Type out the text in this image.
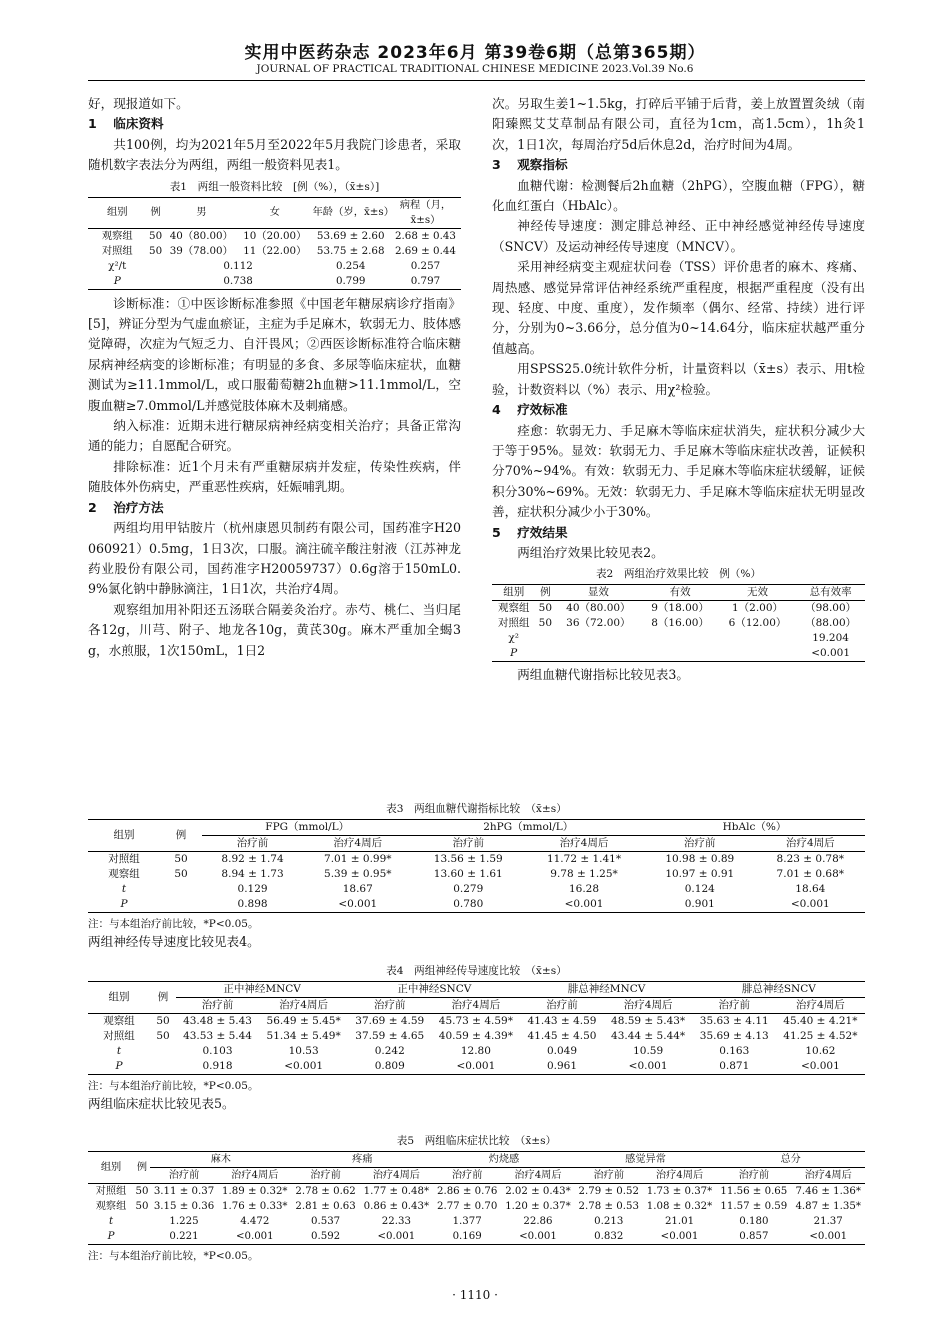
实用中医药杂志 2023年6月 第39卷6期（总第365期）
JOURNAL OF PRACTICAL TRADITIONAL CHINESE MEDICINE 2023.Vol.39 No.6

好，现报道如下。

1 临床资料

共100例，均为2021年5月至2022年5月我院门诊患者，采取随机数字表法分为两组，两组一般资料见表1。

表1　两组一般资料比较　[例（%），（x̄±s）]
组别	例	男	女	年龄（岁，x̄±s）	病程（月，x̄±s）
观察组	50	40（80.00）	10（20.00）	53.69 ± 2.60	2.68 ± 0.43
对照组	50	39（78.00）	11（22.00）	53.75 ± 2.68	2.69 ± 0.44
χ²/t		0.112		0.254	0.257
P		0.738		0.799	0.797

诊断标准：①中医诊断标准参照《中国老年糖尿病诊疗指南》[5]，辨证分型为气虚血瘀证，主症为手足麻木，软弱无力、肢体感觉障碍，次症为气短乏力、自汗畏风；②西医诊断标准符合临床糖尿病神经病变的诊断标准；有明显的多食、多尿等临床症状，血糖测试为≥11.1mmol/L，或口服葡萄糖2h血糖>11.1mmol/L，空腹血糖≥7.0mmol/L并感觉肢体麻木及刺痛感。

纳入标准：近期未进行糖尿病神经病变相关治疗；具备正常沟通的能力；自愿配合研究。

排除标准：近1个月未有严重糖尿病并发症，传染性疾病，伴随肢体外伤病史，严重恶性疾病，妊娠哺乳期。

2 治疗方法

两组均用甲钴胺片（杭州康恩贝制药有限公司，国药准字H20060921）0.5mg，1日3次，口服。滴注硫辛酸注射液（江苏神龙药业股份有限公司，国药准字H20059737）0.6g溶于150mL0.9%氯化钠中静脉滴注，1日1次，共治疗4周。

观察组加用补阳还五汤联合隔姜灸治疗。赤芍、桃仁、当归尾各12g，川芎、附子、地龙各10g，黄芪30g。麻木严重加全蝎3g，水煎服，1次150mL，1日2

次。另取生姜1~1.5kg，打碎后平铺于后背，姜上放置置灸绒（南阳臻熙艾艾草制品有限公司，直径为1cm，高1.5cm），1h灸1次，1日1次，每周治疗5d后休息2d，治疗时间为4周。

3 观察指标

血糖代谢：检测餐后2h血糖（2hPG），空腹血糖（FPG），糖化血红蛋白（HbAlc）。

神经传导速度：测定腓总神经、正中神经感觉神经传导速度（SNCV）及运动神经传导速度（MNCV）。

采用神经病变主观症状问卷（TSS）评价患者的麻木、疼痛、周热感、感觉异常评估神经系统严重程度，根据严重程度（没有出现、轻度、中度、重度），发作频率（偶尔、经常、持续）进行评分，分别为0~3.66分，总分值为0~14.64分，临床症状越严重分值越高。

用SPSS25.0统计软件分析，计量资料以（x̄±s）表示、用t检验，计数资料以（%）表示、用χ²检验。

4 疗效标准

痊愈：软弱无力、手足麻木等临床症状消失，症状积分减少大于等于95%。显效：软弱无力、手足麻木等临床症状改善，证候积分70%~94%。有效：软弱无力、手足麻木等临床症状缓解，证候积分30%~69%。无效：软弱无力、手足麻木等临床症状无明显改善，症状积分减少小于30%。

5 疗效结果

两组治疗效果比较见表2。

表2　两组治疗效果比较　例（%）
组别	例	显效	有效	无效	总有效率
观察组	50	40（80.00）	9（18.00）	1（2.00）	（98.00）
对照组	50	36（72.00）	8（16.00）	6（12.00）	（88.00）
χ²					19.204
P					<0.001

两组血糖代谢指标比较见表3。

表3　两组血糖代谢指标比较　（x̄±s）
组别	例	FPG（mmol/L）		2hPG（mmol/L）		HbAlc（%）	
		治疗前	治疗4周后	治疗前	治疗4周后	治疗前	治疗4周后
对照组	50	8.92 ± 1.74	7.01 ± 0.99*	13.56 ± 1.59	11.72 ± 1.41*	10.98 ± 0.89	8.23 ± 0.78*
观察组	50	8.94 ± 1.73	5.39 ± 0.95*	13.60 ± 1.61	9.78 ± 1.25*	10.97 ± 0.91	7.01 ± 0.68*
t		0.129	18.67	0.279	16.28	0.124	18.64
P		0.898	<0.001	0.780	<0.001	0.901	<0.001
注：与本组治疗前比较，*P<0.05。
两组神经传导速度比较见表4。
表4　两组神经传导速度比较　（x̄±s）
组别	例	正中神经MNCV		正中神经SNCV		腓总神经MNCV		腓总神经SNCV	
		治疗前	治疗4周后	治疗前	治疗4周后	治疗前	治疗4周后	治疗前	治疗4周后
观察组	50	43.48 ± 5.43	56.49 ± 5.45*	37.69 ± 4.59	45.73 ± 4.59*	41.43 ± 4.59	48.59 ± 5.43*	35.63 ± 4.11	45.40 ± 4.21*
对照组	50	43.53 ± 5.44	51.34 ± 5.49*	37.59 ± 4.65	40.59 ± 4.39*	41.45 ± 4.50	43.44 ± 5.44*	35.69 ± 4.13	41.25 ± 4.52*
t		0.103	10.53	0.242	12.80	0.049	10.59	0.163	10.62
P		0.918	<0.001	0.809	<0.001	0.961	<0.001	0.871	<0.001
注：与本组治疗前比较，*P<0.05。
两组临床症状比较见表5。
表5　两组临床症状比较　（x̄±s）
组别	例	麻木		疼痛		灼烧感		感觉异常		总分	
		治疗前	治疗4周后	治疗前	治疗4周后	治疗前	治疗4周后	治疗前	治疗4周后	治疗前	治疗4周后
对照组	50	3.11 ± 0.37	1.89 ± 0.32*	2.78 ± 0.62	1.77 ± 0.48*	2.86 ± 0.76	2.02 ± 0.43*	2.79 ± 0.52	1.73 ± 0.37*	11.56 ± 0.65	7.46 ± 1.36*
观察组	50	3.15 ± 0.36	1.76 ± 0.33*	2.81 ± 0.63	0.86 ± 0.43*	2.77 ± 0.70	1.20 ± 0.37*	2.78 ± 0.53	1.08 ± 0.32*	11.57 ± 0.59	4.87 ± 1.35*
t		1.225	4.472	0.537	22.33	1.377	22.86	0.213	21.01	0.180	21.37
P		0.221	<0.001	0.592	<0.001	0.169	<0.001	0.832	<0.001	0.857	<0.001
注：与本组治疗前比较，*P<0.05。
· 1110 ·
